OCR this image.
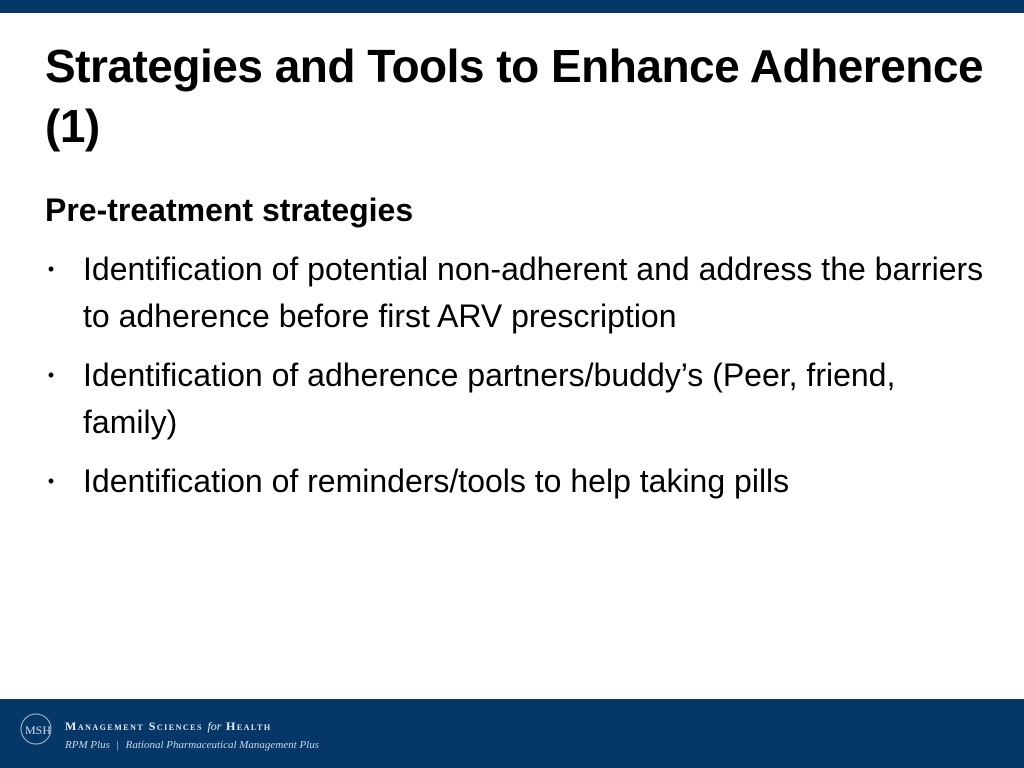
Strategies and Tools to Enhance Adherence (1)
Pre-treatment strategies
• Identification of potential non-adherent and address the barriers to adherence before first ARV prescription
• Identification of adherence partners/buddy’s (Peer, friend, family)
• Identification of reminders/tools to help taking pills
MSH Management Sciences for Health
RPM Plus | Rational Pharmaceutical Management Plus
